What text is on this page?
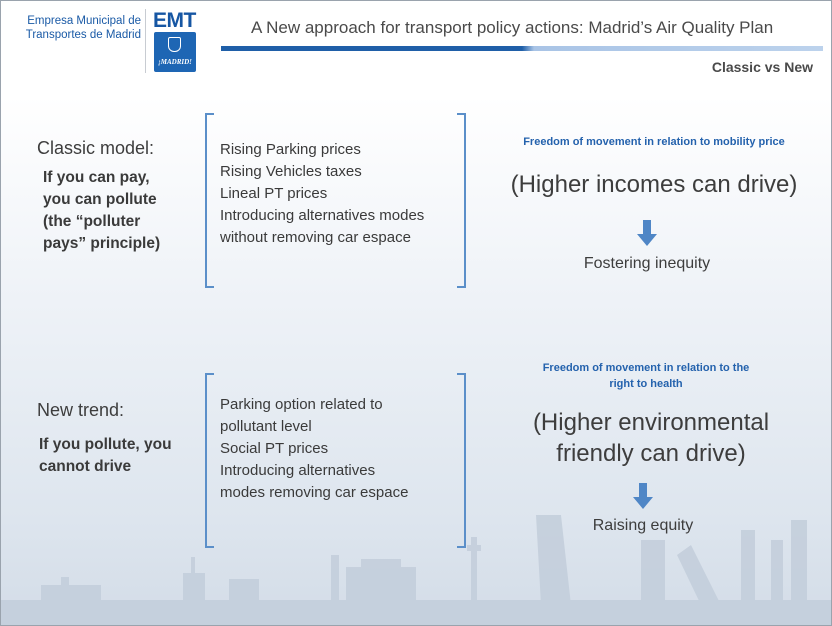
Empresa Municipal de
Transportes de Madrid
EMT
¡MADRID!
A New approach for transport policy actions: Madrid’s Air Quality Plan
Classic vs New
Classic model:
If you can pay,
you can pollute
(the “polluter
pays” principle)
Rising Parking prices
Rising Vehicles taxes
Lineal PT prices
Introducing alternatives modes
without removing car espace
Freedom of movement in relation to mobility price
(Higher incomes can drive)
Fostering inequity
New trend:
If you pollute, you
cannot drive
Parking option related to
pollutant level
Social PT prices
Introducing alternatives
modes removing car espace
Freedom of movement in relation to the
right to health
(Higher environmental
friendly can drive)
Raising equity
